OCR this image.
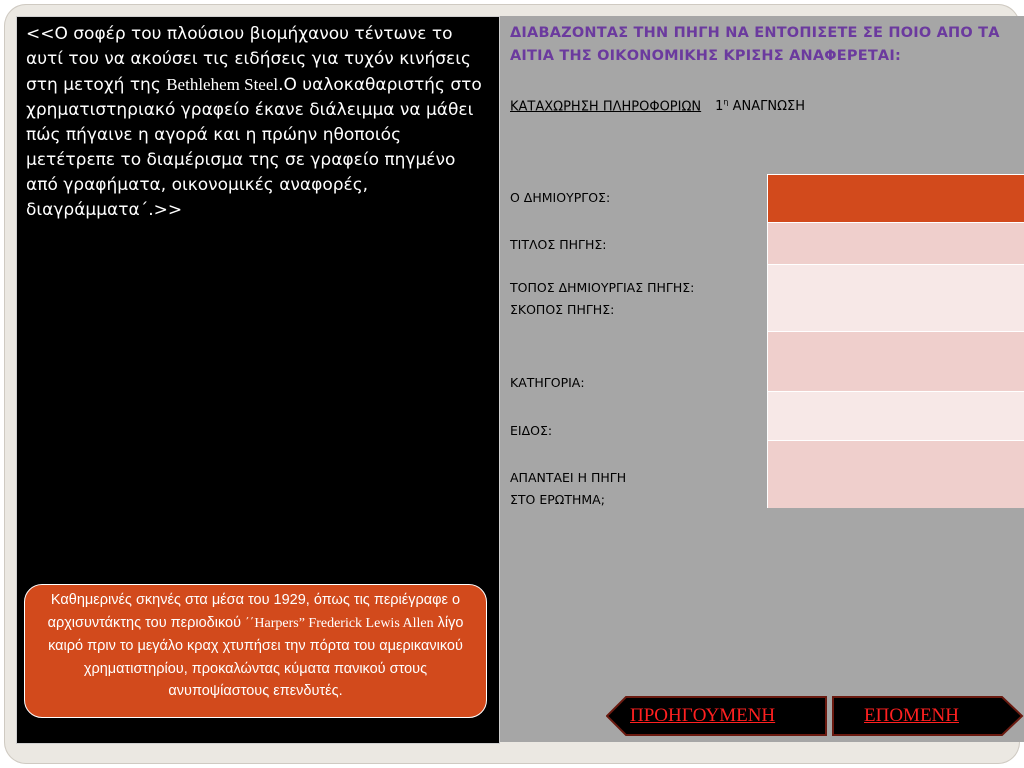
<<Ο σοφέρ του πλούσιου βιομήχανου τέντωνε το αυτί του να ακούσει τις ειδήσεις για τυχόν κινήσεις στη μετοχή της Bethlehem Steel.Ο υαλοκαθαριστής στο χρηματιστηριακό γραφείο έκανε διάλειμμα να μάθει πώς πήγαινε η αγορά και η πρώην ηθοποιός μετέτρεπε το διαμέρισμα της σε γραφείο πηγμένο από γραφήματα, οικονομικές αναφορές, διαγράμματα΄.>>

Καθημερινές σκηνές στα μέσα του 1929, όπως τις περιέγραφε ο αρχισυντάκτης του περιοδικού ΄΄Harpers” Frederick Lewis Allen λίγο καιρό πριν το μεγάλο κραχ χτυπήσει την πόρτα του αμερικανικού χρηματιστηρίου, προκαλώντας κύματα πανικού στους ανυποψίαστους επενδυτές.
ΔΙΑΒΑΖΟΝΤΑΣ ΤΗΝ ΠΗΓΗ ΝΑ ΕΝΤΟΠΙΣΕΤΕ ΣΕ ΠΟΙΟ ΑΠΟ ΤΑ ΑΙΤΙΑ ΤΗΣ ΟΙΚΟΝΟΜΙΚΗΣ ΚΡΙΣΗΣ ΑΝΑΦΕΡΕΤΑΙ:
ΚΑΤΑΧΩΡΗΣΗ ΠΛΗΡΟΦΟΡΙΩΝ $1^\eta$ ΑΝΑΓΝΩΣΗ
Ο ΔΗΜΙΟΥΡΓΟΣ:
ΤΙΤΛΟΣ ΠΗΓΗΣ:
ΤΟΠΟΣ ΔΗΜΙΟΥΡΓΙΑΣ ΠΗΓΗΣ:
ΣΚΟΠΟΣ ΠΗΓΗΣ:
ΚΑΤΗΓΟΡΙΑ:
ΕΙΔΟΣ:
ΑΠΑΝΤΑΕΙ Η ΠΗΓΗ
ΣΤΟ ΕΡΩΤΗΜΑ;
ΠΡΟΗΓΟΥΜΕΝΗ	ΕΠΟΜΕΝΗ
